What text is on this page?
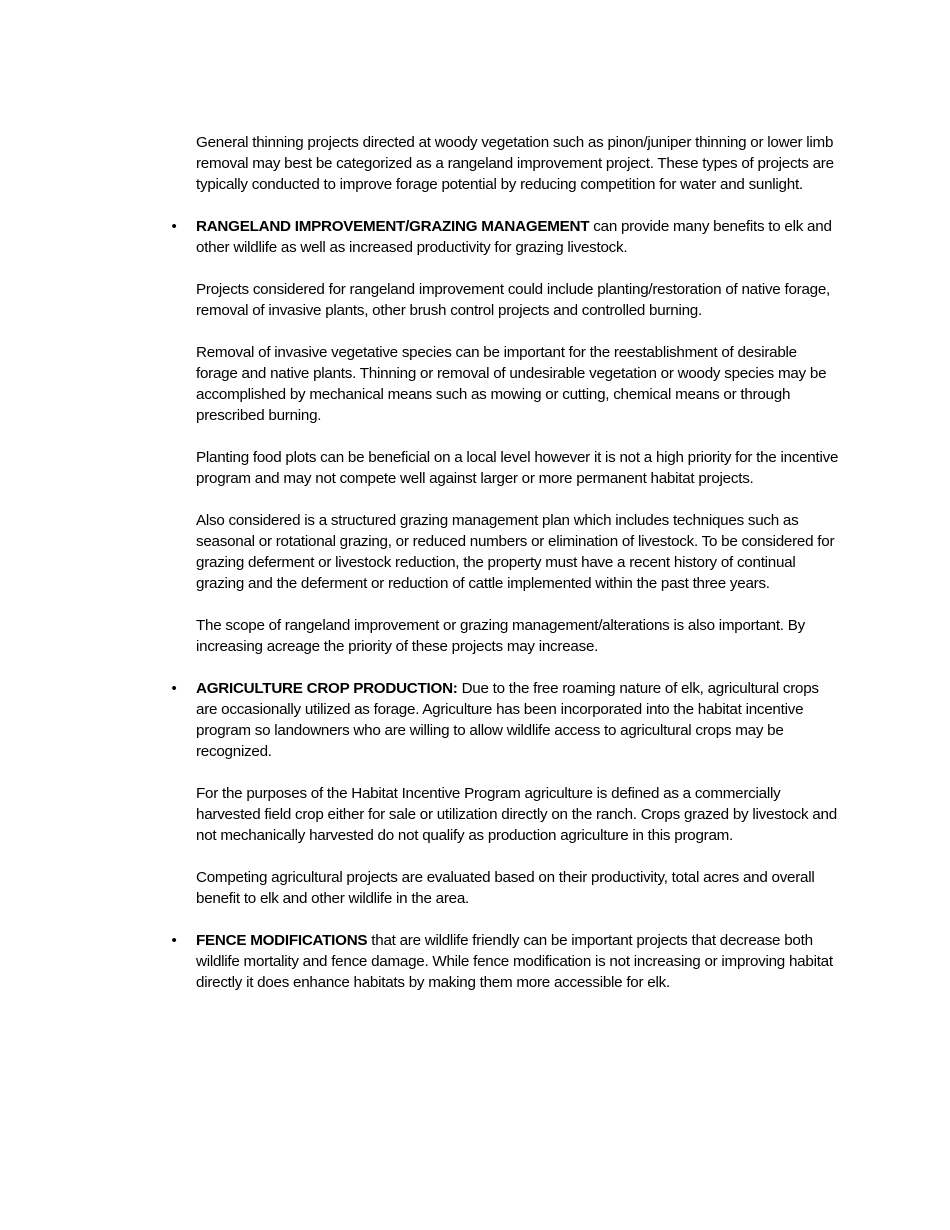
General thinning projects directed at woody vegetation such as pinon/juniper thinning or lower limb removal may best be categorized as a rangeland improvement project. These types of projects are typically conducted to improve forage potential by reducing competition for water and sunlight.

•	RANGELAND IMPROVEMENT/GRAZING MANAGEMENT can provide many benefits to elk and other wildlife as well as increased productivity for grazing livestock.

Projects considered for rangeland improvement could include planting/restoration of native forage, removal of invasive plants, other brush control projects and controlled burning.

Removal of invasive vegetative species can be important for the reestablishment of desirable forage and native plants. Thinning or removal of undesirable vegetation or woody species may be accomplished by mechanical means such as mowing or cutting, chemical means or through prescribed burning.

Planting food plots can be beneficial on a local level however it is not a high priority for the incentive program and may not compete well against larger or more permanent habitat projects.

Also considered is a structured grazing management plan which includes techniques such as seasonal or rotational grazing, or reduced numbers or elimination of livestock. To be considered for grazing deferment or livestock reduction, the property must have a recent history of continual grazing and the deferment or reduction of cattle implemented within the past three years.

The scope of rangeland improvement or grazing management/alterations is also important. By increasing acreage the priority of these projects may increase.

•	AGRICULTURE CROP PRODUCTION: Due to the free roaming nature of elk, agricultural crops are occasionally utilized as forage. Agriculture has been incorporated into the habitat incentive program so landowners who are willing to allow wildlife access to agricultural crops may be recognized.

For the purposes of the Habitat Incentive Program agriculture is defined as a commercially harvested field crop either for sale or utilization directly on the ranch. Crops grazed by livestock and not mechanically harvested do not qualify as production agriculture in this program.

Competing agricultural projects are evaluated based on their productivity, total acres and overall benefit to elk and other wildlife in the area.

•	FENCE MODIFICATIONS that are wildlife friendly can be important projects that decrease both wildlife mortality and fence damage. While fence modification is not increasing or improving habitat directly it does enhance habitats by making them more accessible for elk.
